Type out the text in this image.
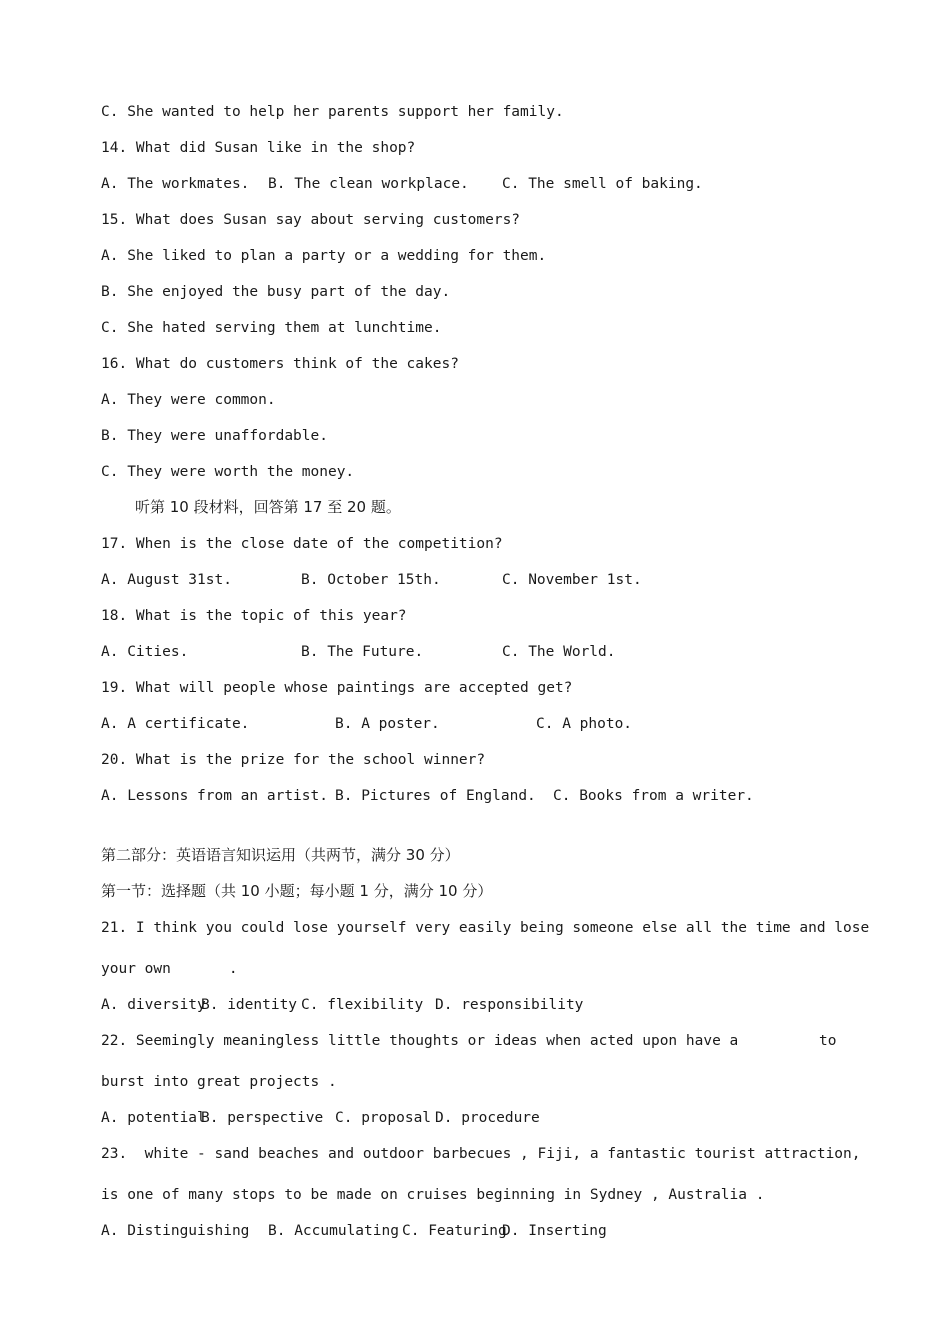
C. She wanted to help her parents support her family.
14. What did Susan like in the shop?
A. The workmates. B. The clean workplace. C. The smell of baking.
15. What does Susan say about serving customers?
A. She liked to plan a party or a wedding for them.
B. She enjoyed the busy part of the day.
C. She hated serving them at lunchtime.
16. What do customers think of the cakes?
A. They were common.
B. They were unaffordable.
C. They were worth the money.
听第 10 段材料，回答第 17 至 20 题。
17. When is the close date of the competition?
A. August 31st.	B. October 15th.	C. November 1st.
18. What is the topic of this year?
A. Cities.	B. The Future.	C. The World.
19. What will people whose paintings are accepted get?
A. A certificate.	B. A poster.	C. A photo.
20. What is the prize for the school winner?
A. Lessons from an artist. B. Pictures of England. C. Books from a writer.
第二部分：英语语言知识运用（共两节，满分 30 分）
第一节：选择题（共 10 小题；每小题 1 分，满分 10 分）
21. I think you could lose yourself very easily being someone else all the time and lose
your own	.
A. diversity
B. identity C. flexibility D. responsibility
22. Seemingly meaningless little thoughts or ideas when acted upon have a	to
burst into great projects .
A. potential
B. perspective C. proposal D. procedure
23.  white - sand beaches and outdoor barbecues , Fiji, a fantastic tourist attraction,
is one of many stops to be made on cruises beginning in Sydney , Australia .
A. Distinguishing B. Accumulating C. Featuring
D. Inserting
